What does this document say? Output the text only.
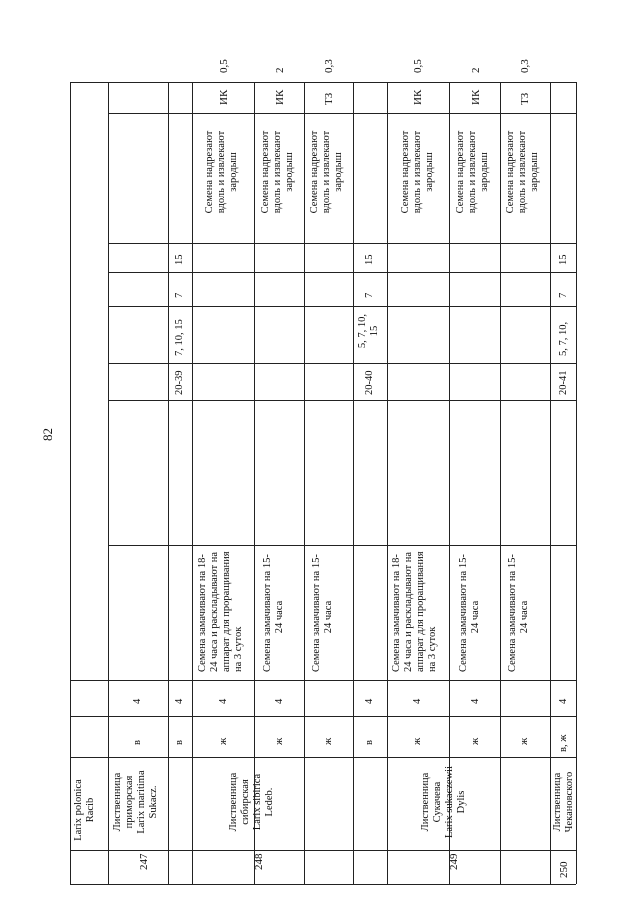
82
Larix polonica Racib
247
Лиственница приморская Larix maritima Sukacz.
в
4
в
4
20-39
7, 10, 15
7
15
248
Лиственница сибирская Larix sibirica Ledeb.
ж
4
Семена замачивают на 18- 24 часа и раскладывают на аппарат для проращивания на 3 суток
Семена надрезают вдоль и извлекают зародыш
ИК
0,5
ж
4
Семена замачивают на 15- 24 часа
Семена надрезают вдоль и извлекают зародыш
ИК
2
ж
Семена замачивают на 15- 24 часа
Семена надрезают вдоль и извлекают зародыш
ТЗ
0,3
в
4
20-40
5, 7, 10, 15
7
15
249
Лиственница Сукачева Larix sukaczewii Dylis
ж
4
Семена замачивают на 18- 24 часа и раскладывают на аппарат для проращивания на 3 суток
Семена надрезают вдоль и извлекают зародыш
ИК
0,5
ж
4
Семена замачивают на 15- 24 часа
Семена надрезают вдоль и извлекают зародыш
ИК
2
ж
Семена замачивают на 15- 24 часа
Семена надрезают вдоль и извлекают зародыш
ТЗ
0,3
250
Лиственница Чекановского
в, ж
4
20-41
5, 7, 10,
7
15
